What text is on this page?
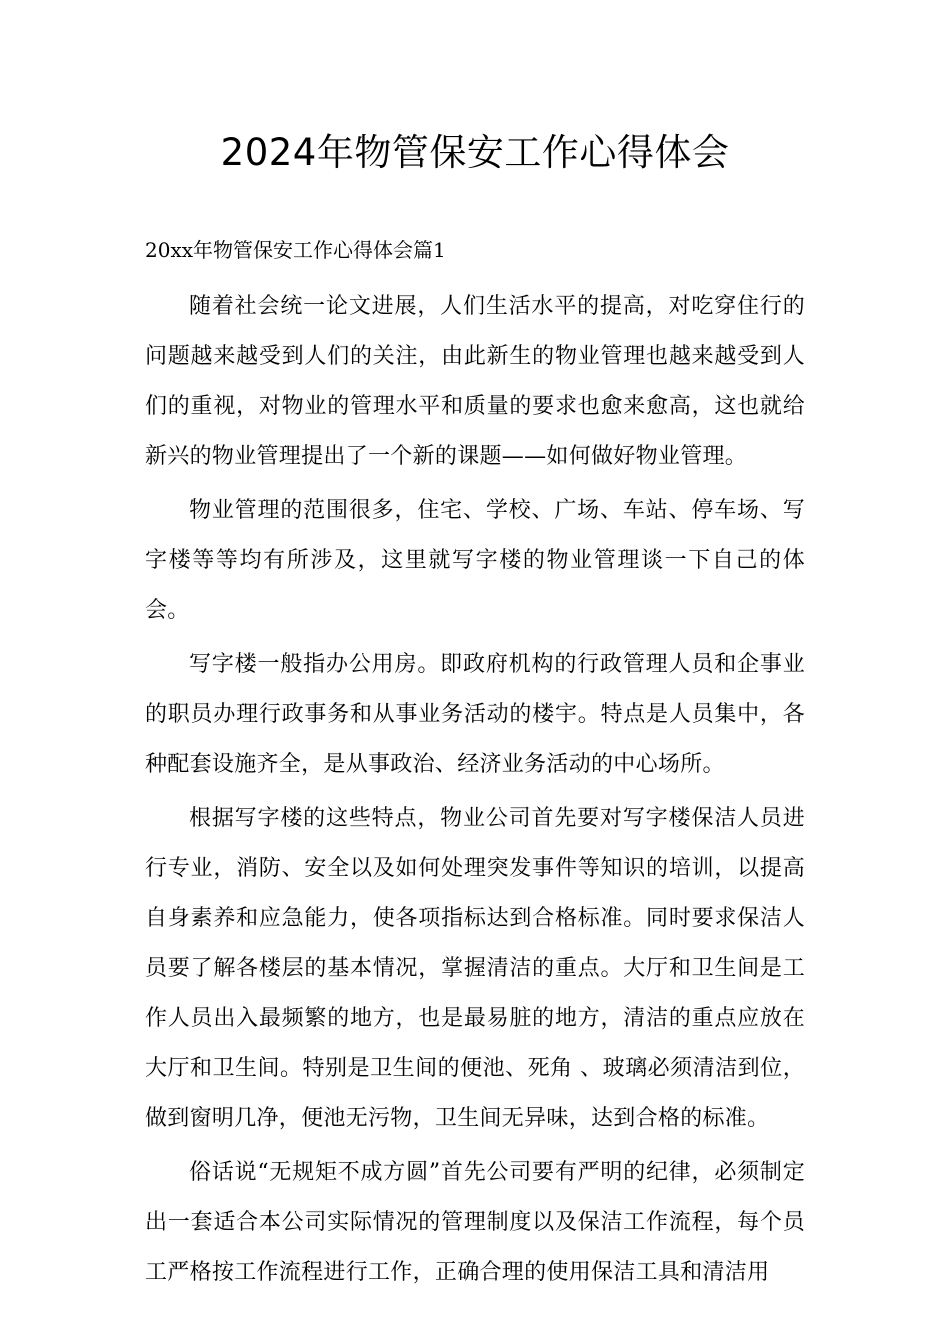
2024年物管保安工作心得体会

20xx年物管保安工作心得体会篇1

随着社会统一论文进展，人们生活水平的提高，对吃穿住行的问题越来越受到人们的关注，由此新生的物业管理也越来越受到人们的重视，对物业的管理水平和质量的要求也愈来愈高，这也就给新兴的物业管理提出了一个新的课题——如何做好物业管理。

物业管理的范围很多，住宅、学校、广场、车站、停车场、写字楼等等均有所涉及，这里就写字楼的物业管理谈一下自己的体会。

写字楼一般指办公用房。即政府机构的行政管理人员和企事业的职员办理行政事务和从事业务活动的楼宇。特点是人员集中，各种配套设施齐全，是从事政治、经济业务活动的中心场所。

根据写字楼的这些特点，物业公司首先要对写字楼保洁人员进行专业，消防、安全以及如何处理突发事件等知识的培训，以提高自身素养和应急能力，使各项指标达到合格标准。同时要求保洁人员要了解各楼层的基本情况，掌握清洁的重点。大厅和卫生间是工作人员出入最频繁的地方，也是最易脏的地方，清洁的重点应放在大厅和卫生间。特别是卫生间的便池、死角 、玻璃必须清洁到位，做到窗明几净，便池无污物，卫生间无异味，达到合格的标准。

俗话说“无规矩不成方圆”首先公司要有严明的纪律，必须制定出一套适合本公司实际情况的管理制度以及保洁工作流程，每个员工严格按工作流程进行工作，正确合理的使用保洁工具和清洁用
